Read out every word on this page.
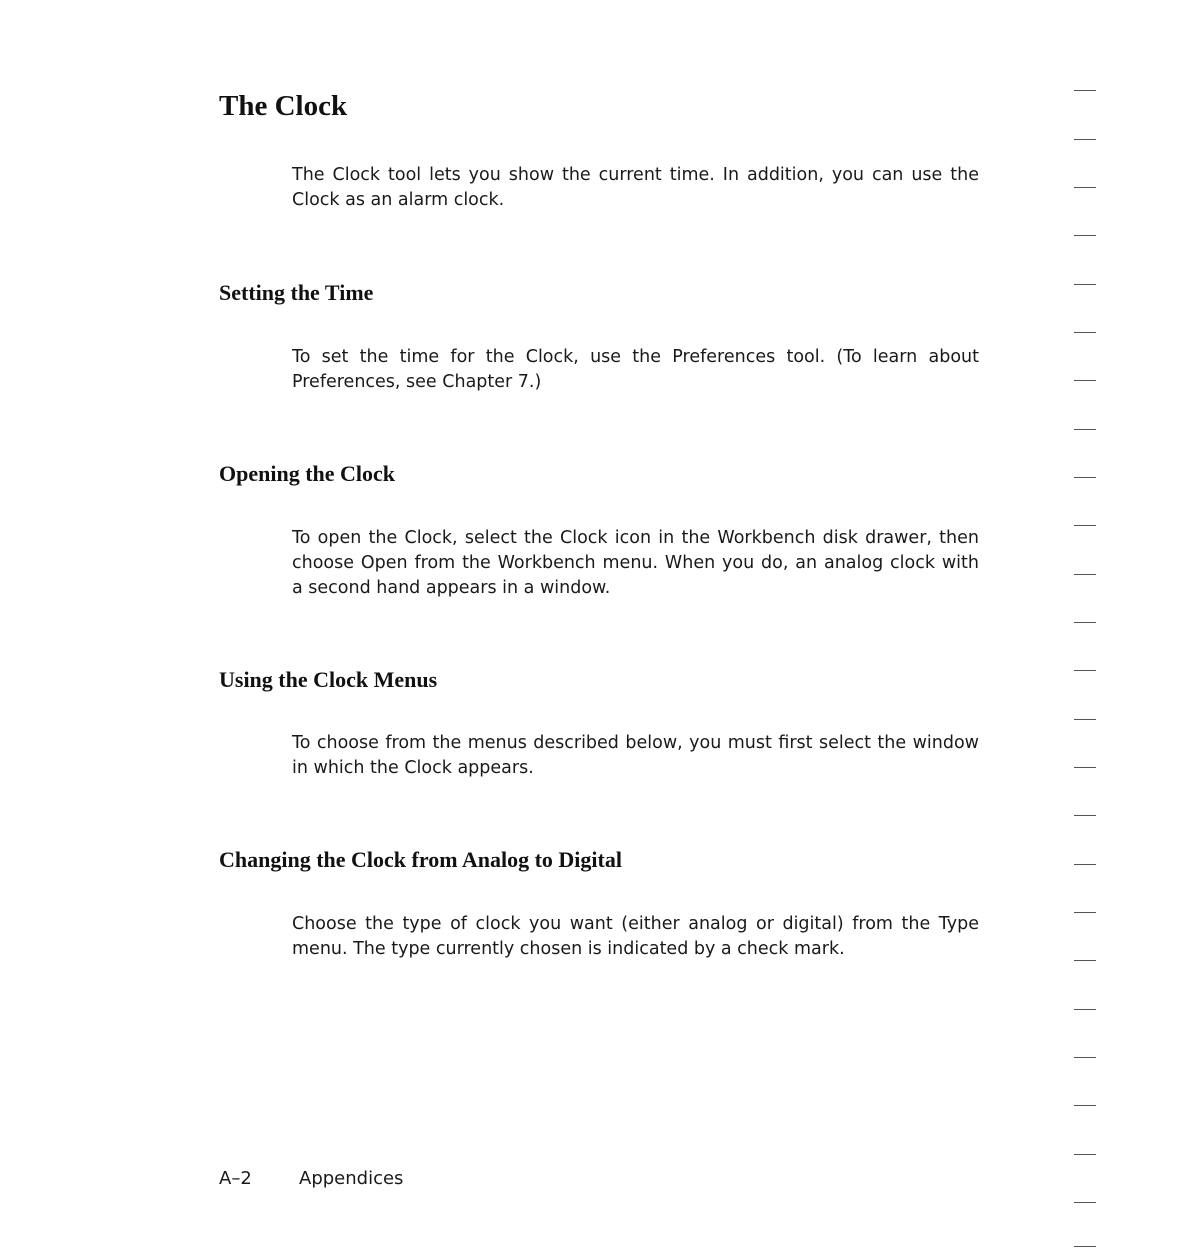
The Clock

The Clock tool lets you show the current time. In addition, you can use the Clock as an alarm clock.

Setting the Time

To set the time for the Clock, use the Preferences tool. (To learn about Preferences, see Chapter 7.)

Opening the Clock

To open the Clock, select the Clock icon in the Workbench disk drawer, then choose Open from the Workbench menu. When you do, an analog clock with a second hand appears in a window.

Using the Clock Menus

To choose from the menus described below, you must first select the window in which the Clock appears.

Changing the Clock from Analog to Digital

Choose the type of clock you want (either analog or digital) from the Type menu. The type currently chosen is indicated by a check mark.

A–2	Appendices
